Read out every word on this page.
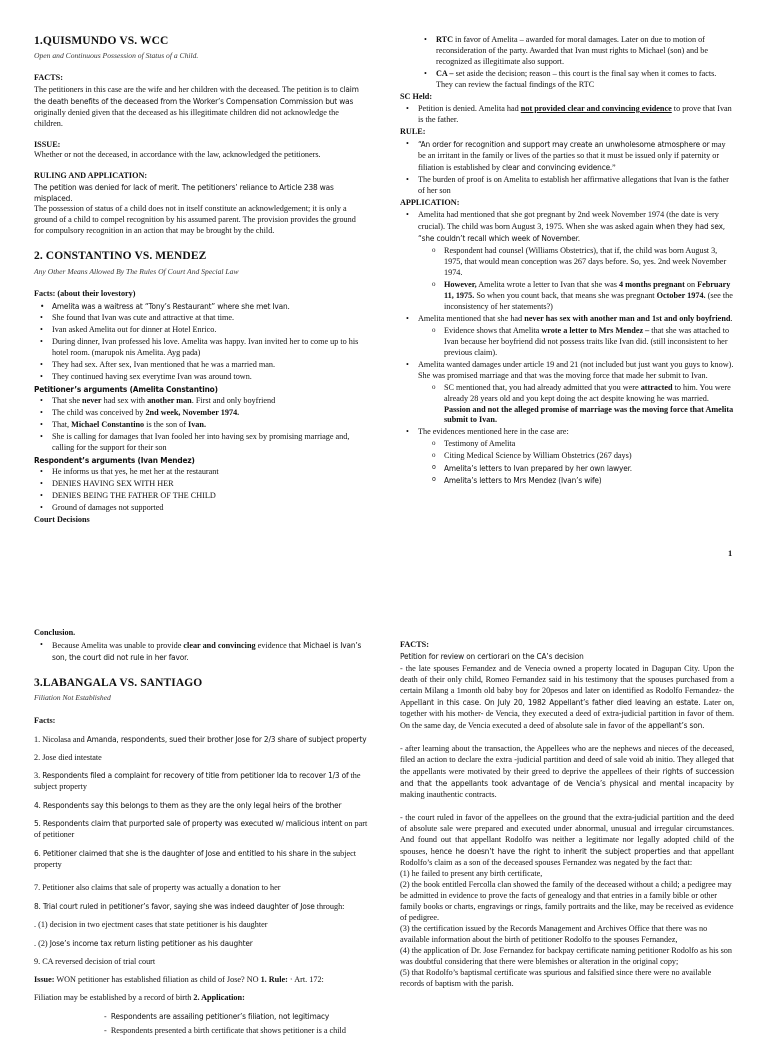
1.QUISMUNDO VS. WCC
Open and Continuous Possession of Status of a Child.
FACTS:
The petitioners in this case are the wife and her children with the deceased. The petition is to claim the death benefits of the deceased from the Worker’s Compensation Commission but was originally denied given that the deceased as his illegitimate children did not acknowledge the children.
ISSUE:
Whether or not the deceased, in accordance with the law, acknowledged the petitioners.
RULING AND APPLICATION:
The petition was denied for lack of merit. The petitioners’ reliance to Article 238 was misplaced.
The possession of status of a child does not in itself constitute an acknowledgement; it is only a ground of a child to compel recognition by his assumed parent. The provision provides the ground for compulsory recognition in an action that may be brought by the child.
2. CONSTANTINO VS. MENDEZ
Any Other Means Allowed By The Rules Of Court And Special Law
Facts: (about their lovestory)
• Amelita was a waitress at “Tony’s Restaurant” where she met Ivan.
• She found that Ivan was cute and attractive at that time.
• Ivan asked Amelita out for dinner at Hotel Enrico.
• During dinner, Ivan professed his love. Amelita was happy. Ivan invited her to come up to his hotel room. (marupok nis Amelita. Ayg pada)
• They had sex. After sex, Ivan mentioned that he was a married man.
• They continued having sex everytime Ivan was around town.
Petitioner’s arguments (Amelita Constantino)
• That she never had sex with another man. First and only boyfriend
• The child was conceived by 2nd week, November 1974.
• That, Michael Constantino is the son of Ivan.
• She is calling for damages that Ivan fooled her into having sex by promising marriage and, calling for the support for their son
Respondent’s arguments (Ivan Mendez)
• He informs us that yes, he met her at the restaurant
• DENIES HAVING SEX WITH HER
• DENIES BEING THE FATHER OF THE CHILD
• Ground of damages not supported
Court Decisions
• RTC in favor of Amelita – awarded for moral damages. Later on due to motion of reconsideration of the party. Awarded that Ivan must rights to Michael (son) and be recognized as illegitimate also support.
• CA – set aside the decision; reason – this court is the final say when it comes to facts. They can review the factual findings of the RTC
SC Held:
• Petition is denied. Amelita had not provided clear and convincing evidence to prove that Ivan is the father.
RULE:
• “An order for recognition and support may create an unwholesome atmosphere or may be an irritant in the family or lives of the parties so that it must be issued only if paternity or filiation is established by clear and convincing evidence.”
• The burden of proof is on Amelita to establish her affirmative allegations that Ivan is the father of her son
APPLICATION:
• Amelita had mentioned that she got pregnant by 2nd week November 1974 (the date is very crucial). The child was born August 3, 1975. When she was asked again when they had sex, “she couldn’t recall which week of November.
o Respondent had counsel (Williams Obstetrics), that if, the child was born August 3, 1975, that would mean conception was 267 days before. So, yes. 2nd week November 1974.
o However, Amelita wrote a letter to Ivan that she was 4 months pregnant on February 11, 1975. So when you count back, that means she was pregnant October 1974. (see the inconsistency of her statements?)
• Amelita mentioned that she had never has sex with another man and 1st and only boyfriend.
o Evidence shows that Amelita wrote a letter to Mrs Mendez – that she was attached to Ivan because her boyfriend did not possess traits like Ivan did. (still inconsistent to her previous claim).
• Amelita wanted damages under article 19 and 21 (not included but just want you guys to know). She was promised marriage and that was the moving force that made her submit to Ivan.
o SC mentioned that, you had already admitted that you were attracted to him. You were already 28 years old and you kept doing the act despite knowing he was married. Passion and not the alleged promise of marriage was the moving force that Amelita submit to Ivan.
• The evidences mentioned here in the case are:
o Testimony of Amelita
o Citing Medical Science by William Obstetrics (267 days)
o Amelita’s letters to Ivan prepared by her own lawyer.
o Amelita’s letters to Mrs Mendez (Ivan’s wife)
1
Conclusion.
• Because Amelita was unable to provide clear and convincing evidence that Michael is Ivan’s son, the court did not rule in her favor.
3.LABANGALA VS. SANTIAGO
Filiation Not Established
Facts:
1. Nicolasa and Amanda, respondents, sued their brother Jose for 2/3 share of subject property
2. Jose died intestate
3. Respondents filed a complaint for recovery of title from petitioner Ida to recover 1/3 of the subject property
4. Respondents say this belongs to them as they are the only legal heirs of the brother
5. Respondents claim that purported sale of property was executed w/ malicious intent on part of petitioner
6. Petitioner claimed that she is the daughter of Jose and entitled to his share in the subject property
7. Petitioner also claims that sale of property was actually a donation to her
8. Trial court ruled in petitioner’s favor, saying she was indeed daughter of Jose through:
. (1) decision in two ejectment cases that state petitioner is his daughter
. (2) Jose’s income tax return listing petitioner as his daughter
9. CA reversed decision of trial court
Issue: WON petitioner has established filiation as child of Jose? NO 1. Rule: · Art. 172:
Filiation may be established by a record of birth 2. Application:
-  Respondents are assailing petitioner’s filiation, not legitimacy
-  Respondents presented a birth certificate that shows petitioner is a child
FACTS:
Petition for review on certiorari on the CA’s decision
- the late spouses Fernandez and de Venecia owned a property located in Dagupan City. Upon the death of their only child, Romeo Fernandez said in his testimony that the spouses purchased from a certain Milang a 1month old baby boy for 20pesos and later on identified as Rodolfo Fernandez- the Appellant in this case. On July 20, 1982 Appellant’s father died leaving an estate. Later on, together with his mother- de Vencia, they executed a deed of extra-judicial partition in favor of them. On the same day, de Vencia executed a deed of absolute sale in favor of the appellant’s son.
- after learning about the transaction, the Appellees who are the nephews and nieces of the deceased, filed an action to declare the extra -judicial partition and deed of sale void ab initio. They alleged that the appellants were motivated by their greed to deprive the appellees of their rights of succession and that the appellants took advantage of de Vencia’s physical and mental incapacity by making inauthentic contracts.
- the court ruled in favor of the appellees on the ground that the extra-judicial partition and the deed of absolute sale were prepared and executed under abnormal, unusual and irregular circumstances. And found out that appellant Rodolfo was neither a legitimate nor legally adopted child of the spouses, hence he doesn’t have the right to inherit the subject properties and that appellant Rodolfo’s claim as a son of the deceased spouses Fernandez was negated by the fact that:
(1) he failed to present any birth certificate,
(2) the book entitled Fercolla clan showed the family of the deceased without a child; a pedigree may be admitted in evidence to prove the facts of genealogy and that entries in a family bible or other family books or charts, engravings or rings, family portraits and the like, may be received as evidence of pedigree.
(3) the certification issued by the Records Management and Archives Office that there was no available information about the birth of petitioner Rodolfo to the spouses Fernandez,
(4) the application of Dr. Jose Fernandez for backpay certificate naming petitioner Rodolfo as his son was doubtful considering that there were blemishes or alteration in the original copy;
(5) that Rodolfo’s baptismal certificate was spurious and falsified since there were no available records of baptism with the parish.
